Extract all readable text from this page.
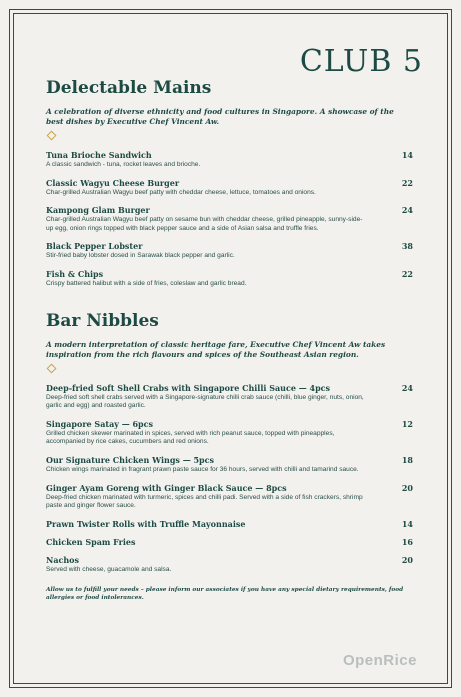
CLUB 5
Delectable Mains

A celebration of diverse ethnicity and food cultures in Singapore. A showcase of the best dishes by Executive Chef Vincent Aw.

Tuna Brioche Sandwich	14
A classic sandwich - tuna, rocket leaves and brioche.
Classic Wagyu Cheese Burger	22
Char-grilled Australian Wagyu beef patty with cheddar cheese, lettuce, tomatoes and onions.
Kampong Glam Burger	24
Char-grilled Australian Wagyu beef patty on sesame bun with cheddar cheese, grilled pineapple, sunny-side-up egg, onion rings topped with black pepper sauce and a side of Asian salsa and truffle fries.
Black Pepper Lobster	38
Stir-fried baby lobster dosed in Sarawak black pepper and garlic.
Fish & Chips	22
Crispy battered halibut with a side of fries, coleslaw and garlic bread.
Bar Nibbles

A modern interpretation of classic heritage fare, Executive Chef Vincent Aw takes inspiration from the rich flavours and spices of the Southeast Asian region.

Deep-fried Soft Shell Crabs with Singapore Chilli Sauce — 4pcs	24
Deep-fried soft shell crabs served with a Singapore-signature chilli crab sauce (chilli, blue ginger, nuts, onion, garlic and egg) and roasted garlic.
Singapore Satay — 6pcs	12
Grilled chicken skewer marinated in spices, served with rich peanut sauce, topped with pineapples, accompanied by rice cakes, cucumbers and red onions.
Our Signature Chicken Wings — 5pcs	18
Chicken wings marinated in fragrant prawn paste sauce for 36 hours, served with chilli and tamarind sauce.
Ginger Ayam Goreng with Ginger Black Sauce — 8pcs	20
Deep-fried chicken marinated with turmeric, spices and chilli padi. Served with a side of fish crackers, shrimp paste and ginger flower sauce.
Prawn Twister Rolls with Truffle Mayonnaise	14
Chicken Spam Fries	16
Nachos	20
Served with cheese, guacamole and salsa.

Allow us to fulfill your needs – please inform our associates if you have any special dietary requirements, food allergies or food intolerances.

OpenRice
